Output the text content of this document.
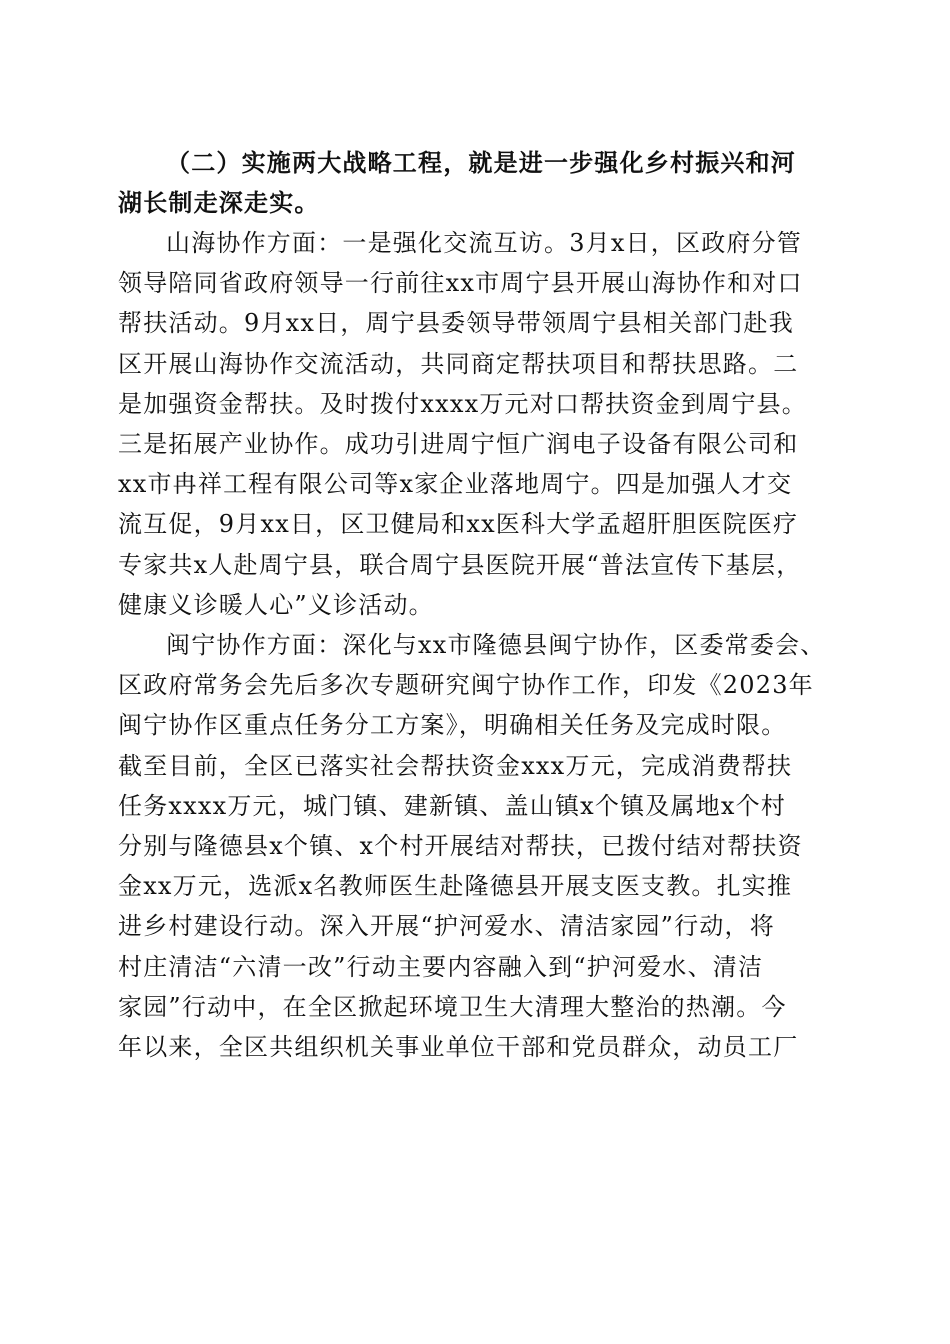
（二）实施两大战略工程，就是进一步强化乡村振兴和河
湖长制走深走实。

山海协作方面：一是强化交流互访。3月x日，区政府分管
领导陪同省政府领导一行前往xx市周宁县开展山海协作和对口
帮扶活动。9月xx日，周宁县委领导带领周宁县相关部门赴我
区开展山海协作交流活动，共同商定帮扶项目和帮扶思路。二
是加强资金帮扶。及时拨付xxxx万元对口帮扶资金到周宁县。
三是拓展产业协作。成功引进周宁恒广润电子设备有限公司和
xx市冉祥工程有限公司等x家企业落地周宁。四是加强人才交
流互促，9月xx日，区卫健局和xx医科大学孟超肝胆医院医疗
专家共x人赴周宁县，联合周宁县医院开展“普法宣传下基层，
健康义诊暖人心”义诊活动。

闽宁协作方面：深化与xx市隆德县闽宁协作，区委常委会、
区政府常务会先后多次专题研究闽宁协作工作，印发《2023年
闽宁协作区重点任务分工方案》，明确相关任务及完成时限。
截至目前，全区已落实社会帮扶资金xxx万元，完成消费帮扶
任务xxxx万元，城门镇、建新镇、盖山镇x个镇及属地x个村
分别与隆德县x个镇、x个村开展结对帮扶，已拨付结对帮扶资
金xx万元，选派x名教师医生赴隆德县开展支医支教。扎实推
进乡村建设行动。深入开展“护河爱水、清洁家园”行动，将
村庄清洁“六清一改”行动主要内容融入到“护河爱水、清洁
家园”行动中，在全区掀起环境卫生大清理大整治的热潮。今
年以来，全区共组织机关事业单位干部和党员群众，动员工厂
